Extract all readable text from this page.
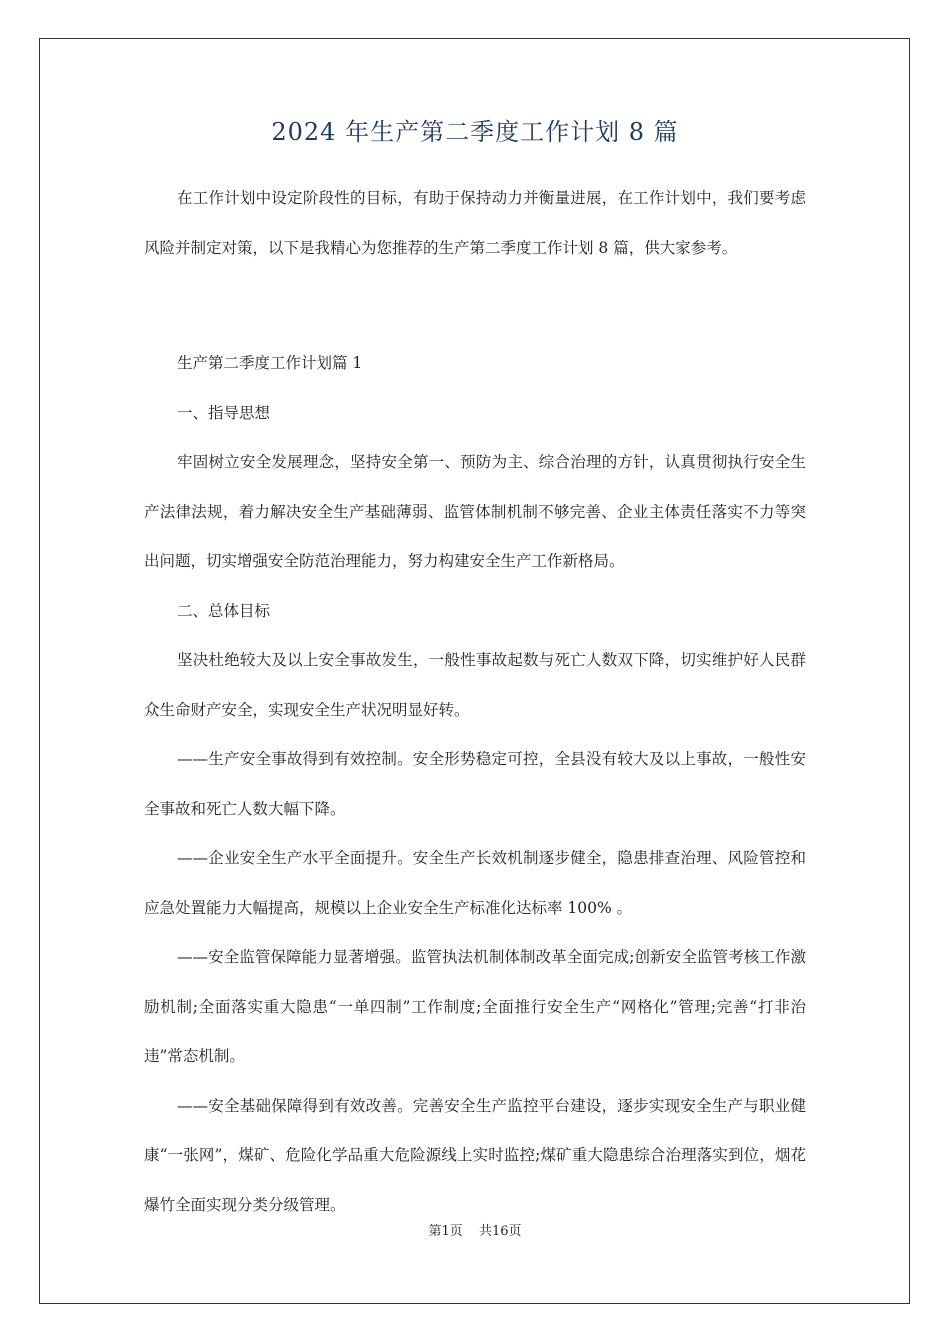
2024 年生产第二季度工作计划 8 篇

在工作计划中设定阶段性的目标，有助于保持动力并衡量进展，在工作计划中，我们要考虑风险并制定对策，以下是我精心为您推荐的生产第二季度工作计划 8 篇，供大家参考。

生产第二季度工作计划篇 1

一、指导思想

牢固树立安全发展理念，坚持安全第一、预防为主、综合治理的方针，认真贯彻执行安全生产法律法规，着力解决安全生产基础薄弱、监管体制机制不够完善、企业主体责任落实不力等突出问题，切实增强安全防范治理能力，努力构建安全生产工作新格局。

二、总体目标

坚决杜绝较大及以上安全事故发生，一般性事故起数与死亡人数双下降，切实维护好人民群众生命财产安全，实现安全生产状况明显好转。

——生产安全事故得到有效控制。安全形势稳定可控，全县没有较大及以上事故，一般性安全事故和死亡人数大幅下降。

——企业安全生产水平全面提升。安全生产长效机制逐步健全，隐患排查治理、风险管控和应急处置能力大幅提高，规模以上企业安全生产标准化达标率 100% 。

——安全监管保障能力显著增强。监管执法机制体制改革全面完成;创新安全监管考核工作激励机制;全面落实重大隐患“一单四制”工作制度;全面推行安全生产“网格化”管理;完善“打非治违”常态机制。

——安全基础保障得到有效改善。完善安全生产监控平台建设，逐步实现安全生产与职业健康“一张网”，煤矿、危险化学品重大危险源线上实时监控;煤矿重大隐患综合治理落实到位，烟花爆竹全面实现分类分级管理。

第1页 共16页
